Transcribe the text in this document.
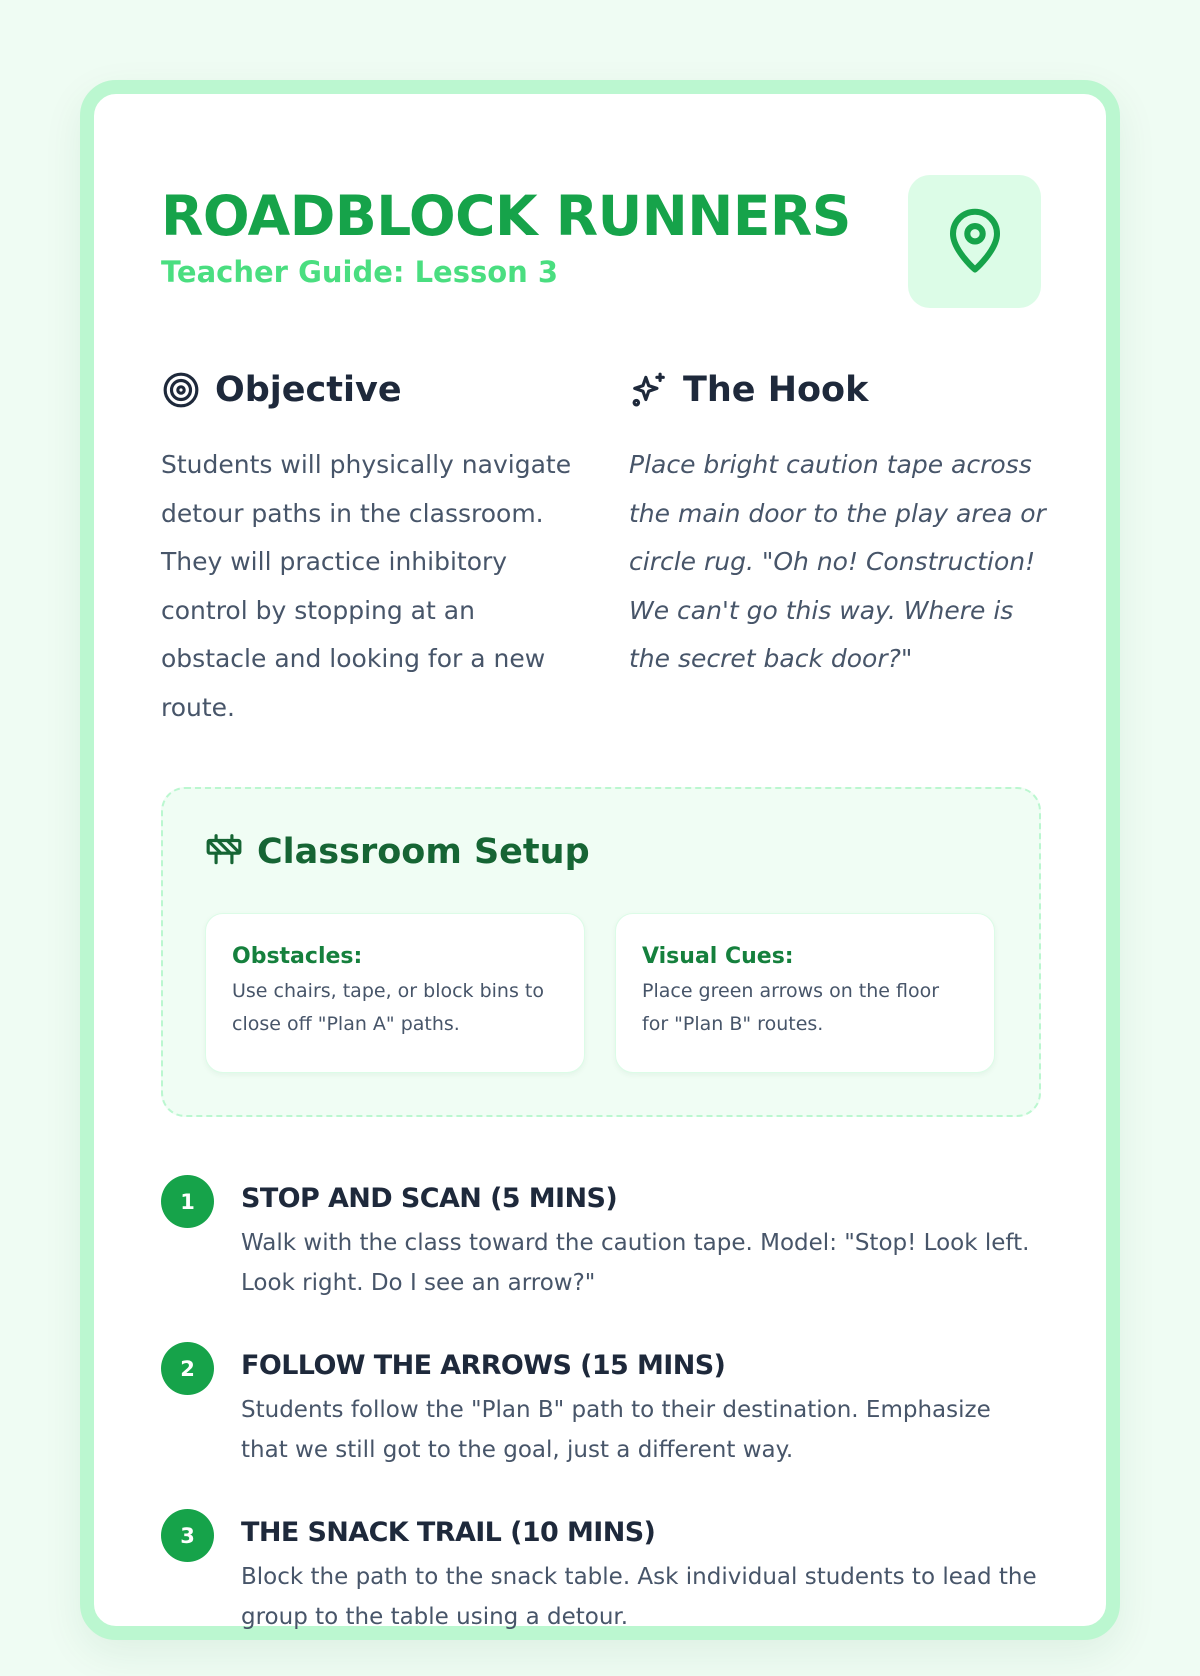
ROADBLOCK RUNNERS
Teacher Guide: Lesson 3
Objective

Students will physically navigate detour paths in the classroom. They will practice inhibitory control by stopping at an obstacle and looking for a new route.

The Hook

Place bright caution tape across the main door to the play area or circle rug. "Oh no! Construction! We can't go this way. Where is the secret back door?"

Classroom Setup
Obstacles:
Use chairs, tape, or block bins to close off "Plan A" paths.
Visual Cues:
Place green arrows on the floor for "Plan B" routes.
1	STOP AND SCAN (5 MINS)
Walk with the class toward the caution tape. Model: "Stop! Look left. Look right. Do I see an arrow?"
2	FOLLOW THE ARROWS (15 MINS)
Students follow the "Plan B" path to their destination. Emphasize that we still got to the goal, just a different way.
3	THE SNACK TRAIL (10 MINS)
Block the path to the snack table. Ask individual students to lead the group to the table using a detour.
